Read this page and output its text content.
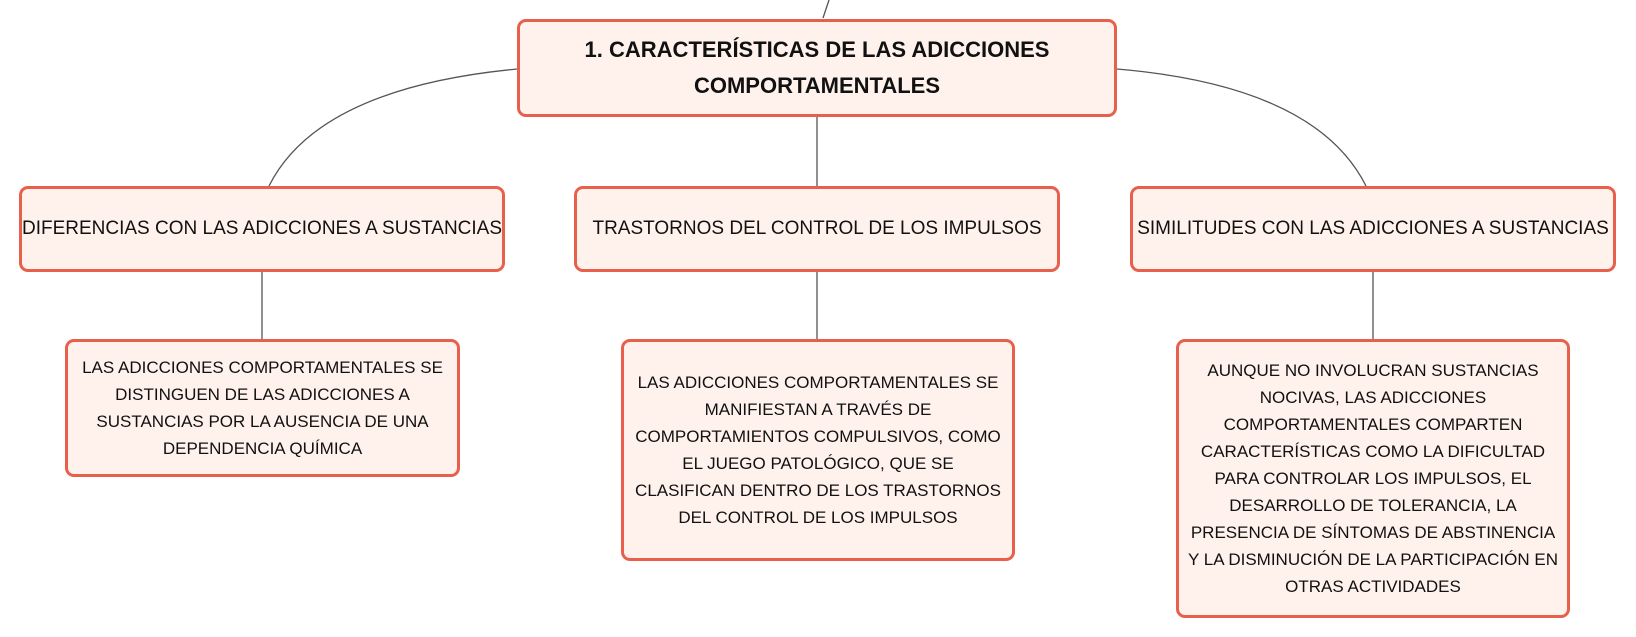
1. CARACTERÍSTICAS DE LAS ADICCIONES COMPORTAMENTALES
DIFERENCIAS CON LAS ADICCIONES A SUSTANCIAS	TRASTORNOS DEL CONTROL DE LOS IMPULSOS	SIMILITUDES CON LAS ADICCIONES A SUSTANCIAS
LAS ADICCIONES COMPORTAMENTALES SE DISTINGUEN DE LAS ADICCIONES A SUSTANCIAS POR LA AUSENCIA DE UNA DEPENDENCIA QUÍMICA
LAS ADICCIONES COMPORTAMENTALES SE MANIFIESTAN A TRAVÉS DE COMPORTAMIENTOS COMPULSIVOS, COMO EL JUEGO PATOLÓGICO, QUE SE CLASIFICAN DENTRO DE LOS TRASTORNOS DEL CONTROL DE LOS IMPULSOS
AUNQUE NO INVOLUCRAN SUSTANCIAS NOCIVAS, LAS ADICCIONES COMPORTAMENTALES COMPARTEN CARACTERÍSTICAS COMO LA DIFICULTAD PARA CONTROLAR LOS IMPULSOS, EL DESARROLLO DE TOLERANCIA, LA PRESENCIA DE SÍNTOMAS DE ABSTINENCIA Y LA DISMINUCIÓN DE LA PARTICIPACIÓN EN OTRAS ACTIVIDADES
